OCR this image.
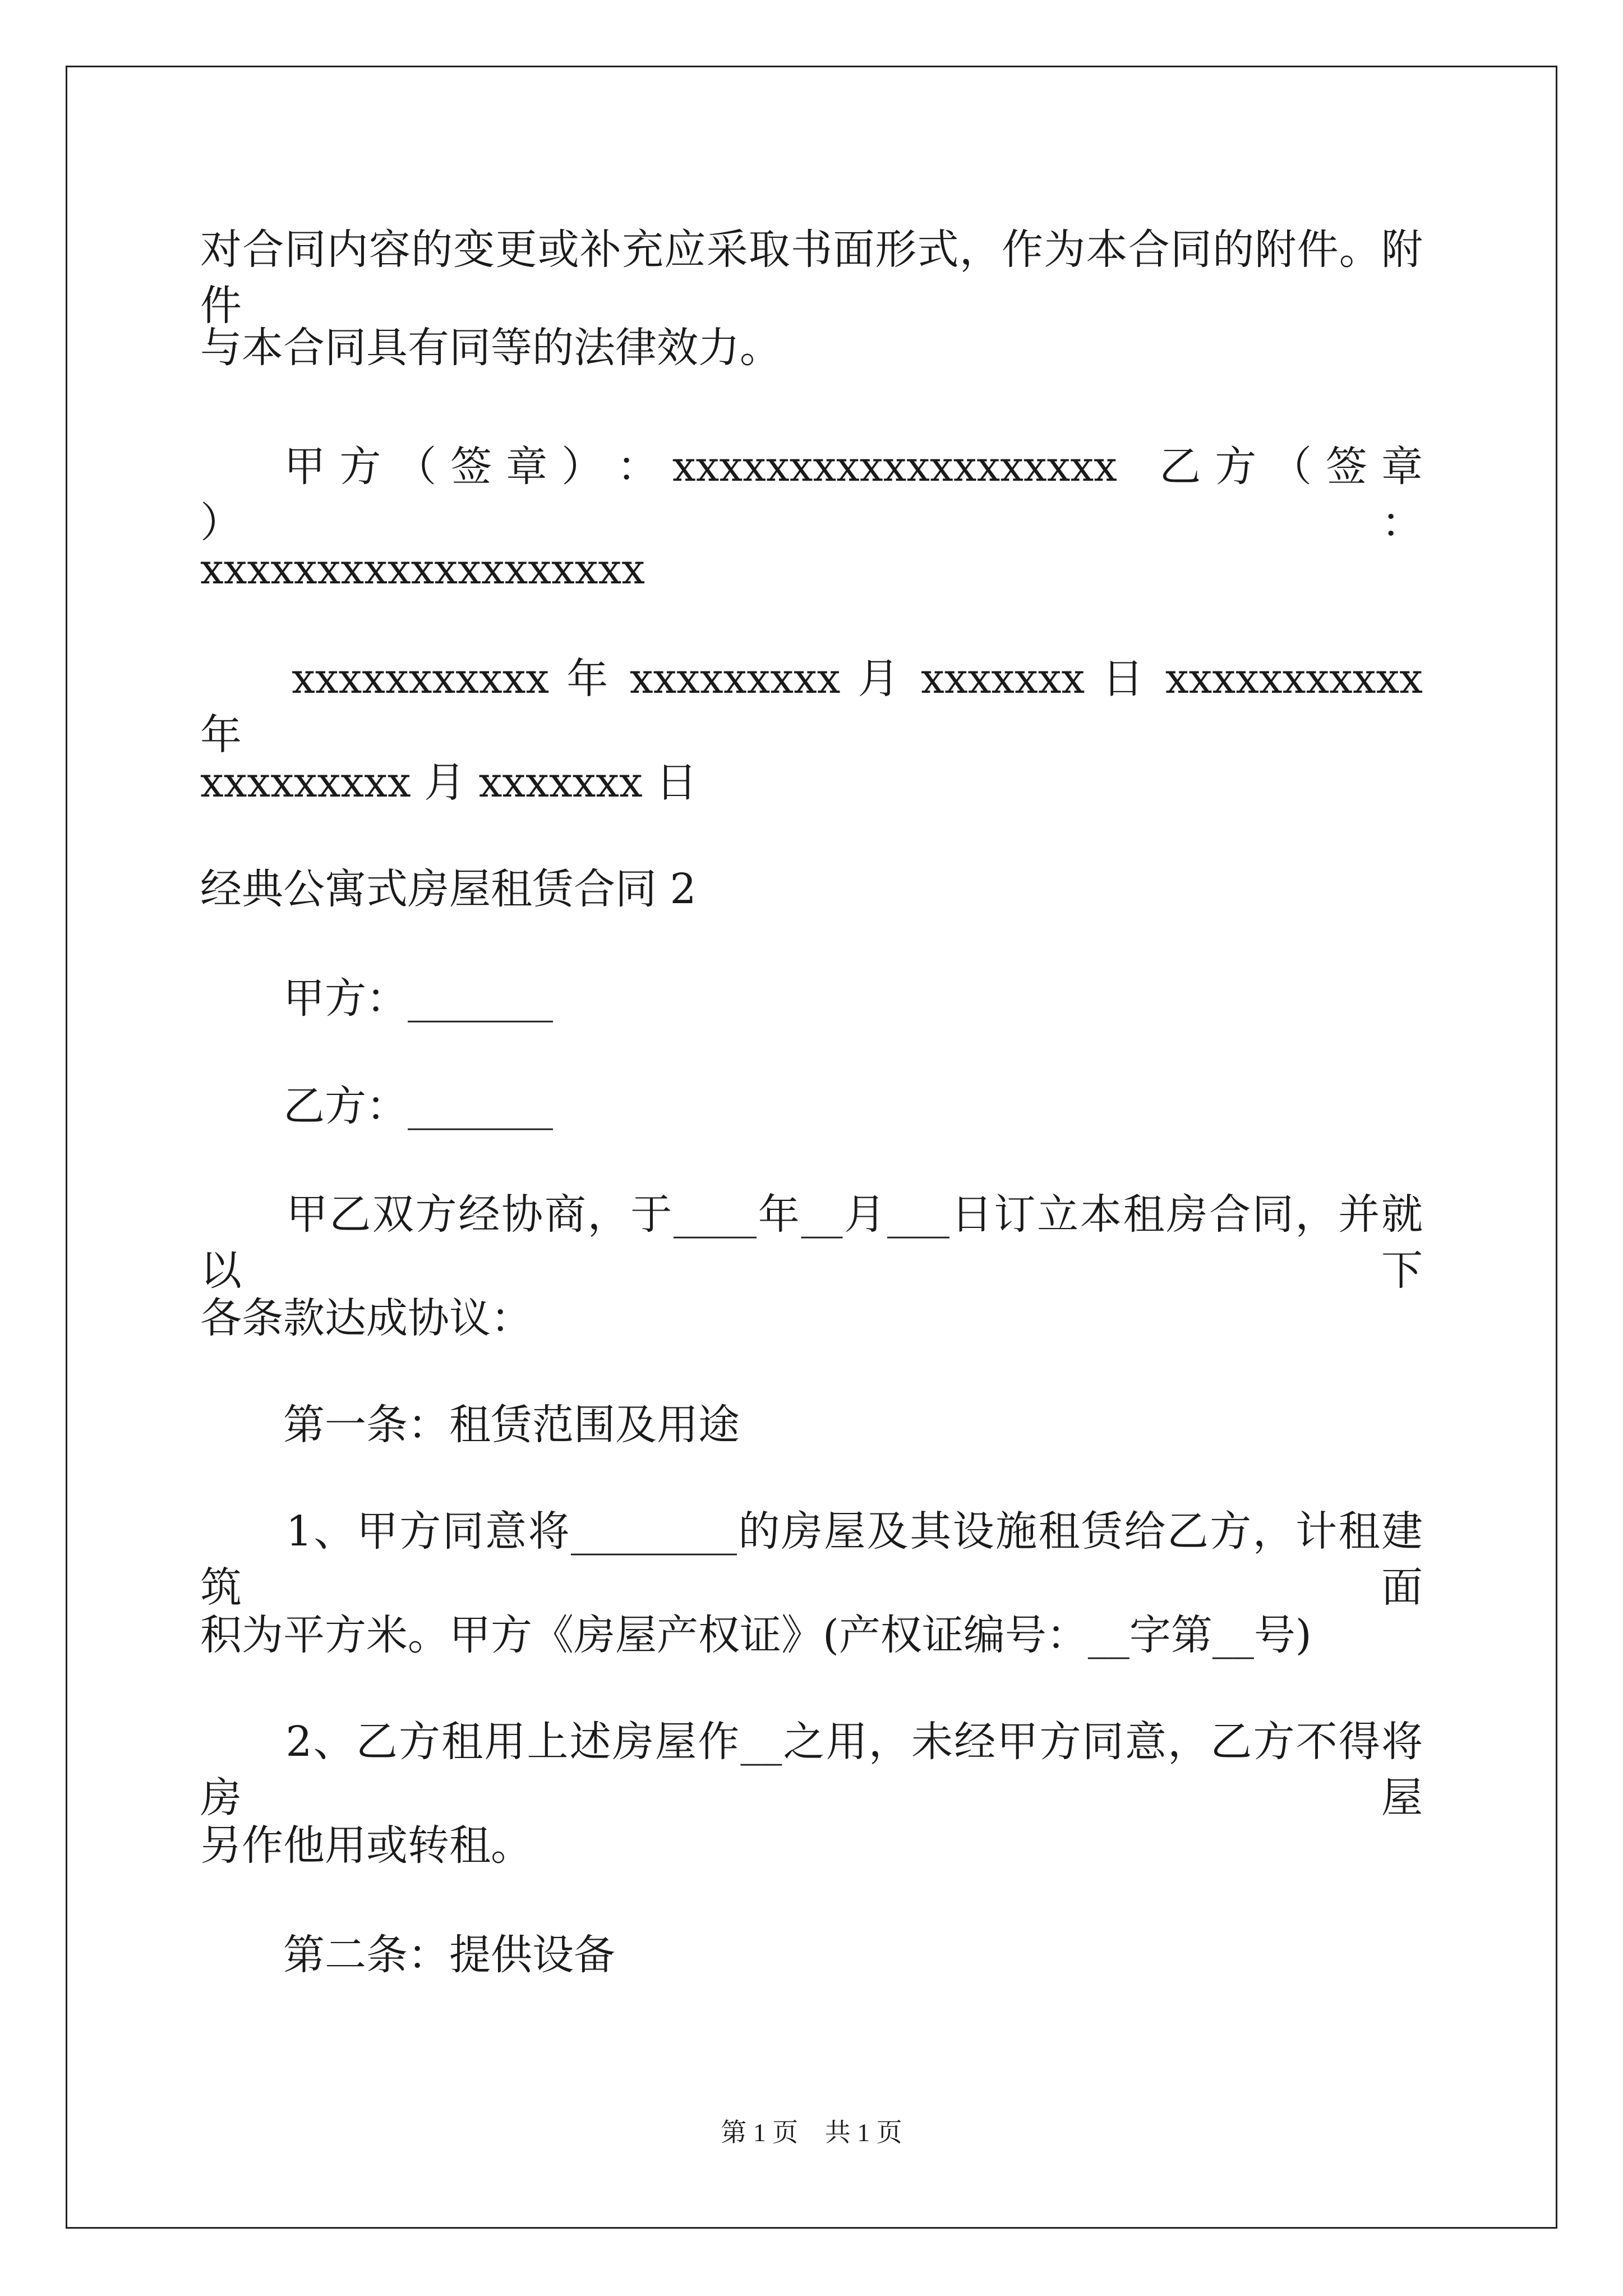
对合同内容的变更或补充应采取书面形式，作为本合同的附件。附件
与本合同具有同等的法律效力。
　　甲 方 （ 签 章 ） ： xxxxxxxxxxxxxxxxxxx　乙 方 （ 签 章 ） ：
xxxxxxxxxxxxxxxxxxx
　　xxxxxxxxxxx 年 xxxxxxxxx 月 xxxxxxx 日 xxxxxxxxxxx 年
xxxxxxxxx 月 xxxxxxx 日
经典公寓式房屋租赁合同 2
　　甲方：_______
　　乙方：_______
　　甲乙双方经协商，于____年__月___日订立本租房合同，并就以下
各条款达成协议：
　　第一条：租赁范围及用途
　　1、甲方同意将________的房屋及其设施租赁给乙方，计租建筑面
积为平方米。甲方《房屋产权证》(产权证编号：__字第__号)
　　2、乙方租用上述房屋作__之用，未经甲方同意，乙方不得将房屋
另作他用或转租。
　　第二条：提供设备
第 1 页 共 1 页
